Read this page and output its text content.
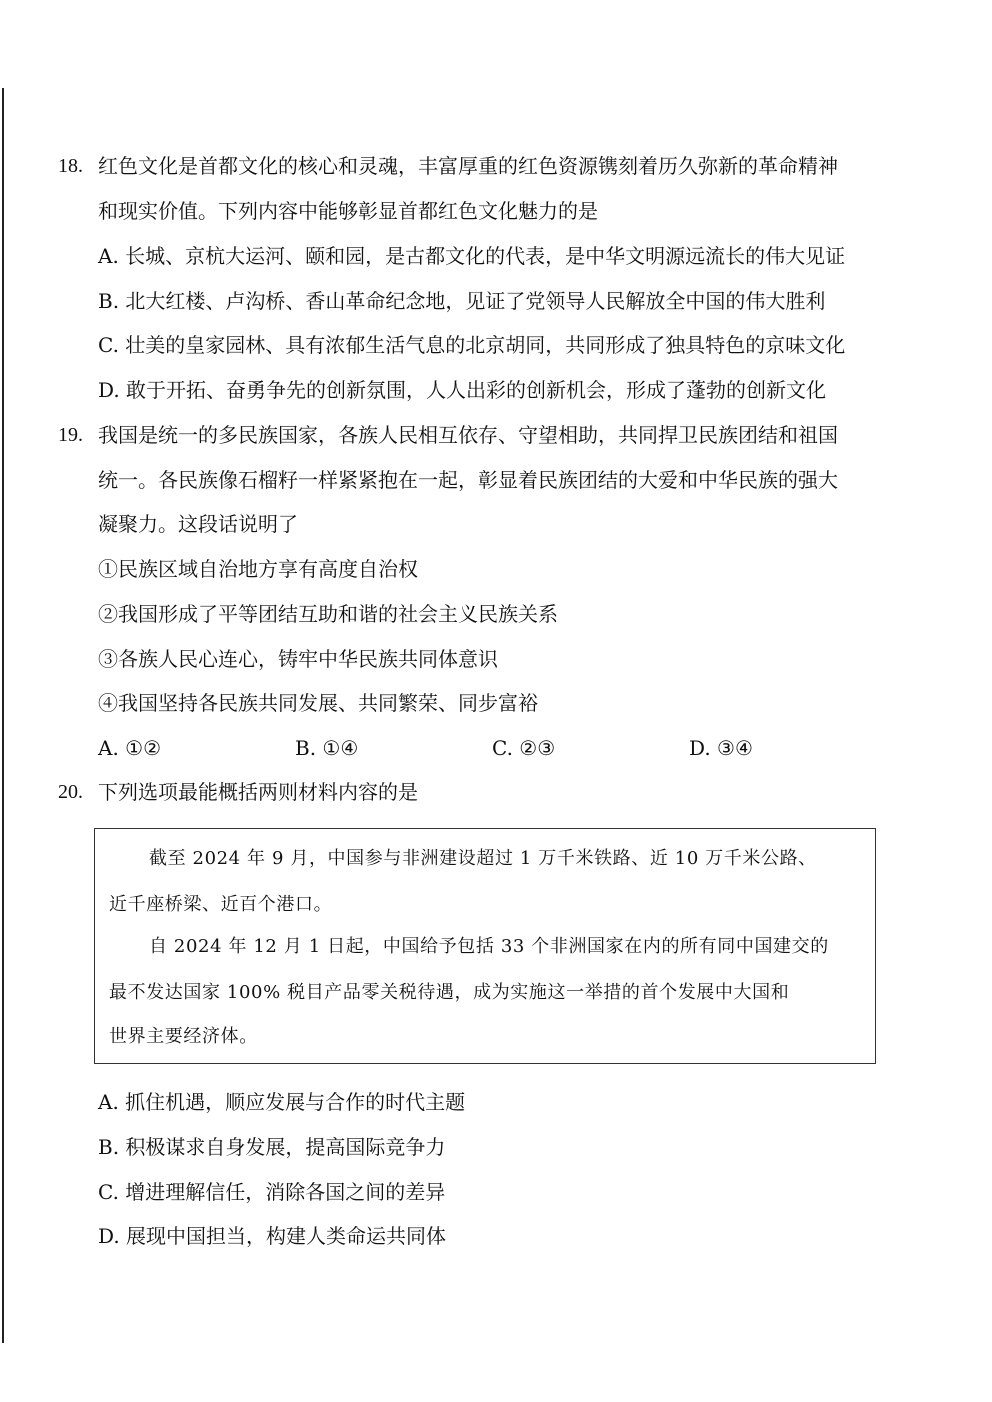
18. 红色文化是首都文化的核心和灵魂，丰富厚重的红色资源镌刻着历久弥新的革命精神
和现实价值。下列内容中能够彰显首都红色文化魅力的是
A. 长城、京杭大运河、颐和园，是古都文化的代表，是中华文明源远流长的伟大见证
B. 北大红楼、卢沟桥、香山革命纪念地，见证了党领导人民解放全中国的伟大胜利
C. 壮美的皇家园林、具有浓郁生活气息的北京胡同，共同形成了独具特色的京味文化
D. 敢于开拓、奋勇争先的创新氛围，人人出彩的创新机会，形成了蓬勃的创新文化
19. 我国是统一的多民族国家，各族人民相互依存、守望相助，共同捍卫民族团结和祖国
统一。各民族像石榴籽一样紧紧抱在一起，彰显着民族团结的大爱和中华民族的强大
凝聚力。这段话说明了
①民族区域自治地方享有高度自治权
②我国形成了平等团结互助和谐的社会主义民族关系
③各族人民心连心，铸牢中华民族共同体意识
④我国坚持各民族共同发展、共同繁荣、同步富裕
A. ①②	B. ①④	C. ②③	D. ③④
20. 下列选项最能概括两则材料内容的是
截至 2024 年 9 月，中国参与非洲建设超过 1 万千米铁路、近 10 万千米公路、
近千座桥梁、近百个港口。
自 2024 年 12 月 1 日起，中国给予包括 33 个非洲国家在内的所有同中国建交的
最不发达国家 100% 税目产品零关税待遇，成为实施这一举措的首个发展中大国和
世界主要经济体。
A. 抓住机遇，顺应发展与合作的时代主题
B. 积极谋求自身发展，提高国际竞争力
C. 增进理解信任，消除各国之间的差异
D. 展现中国担当，构建人类命运共同体
